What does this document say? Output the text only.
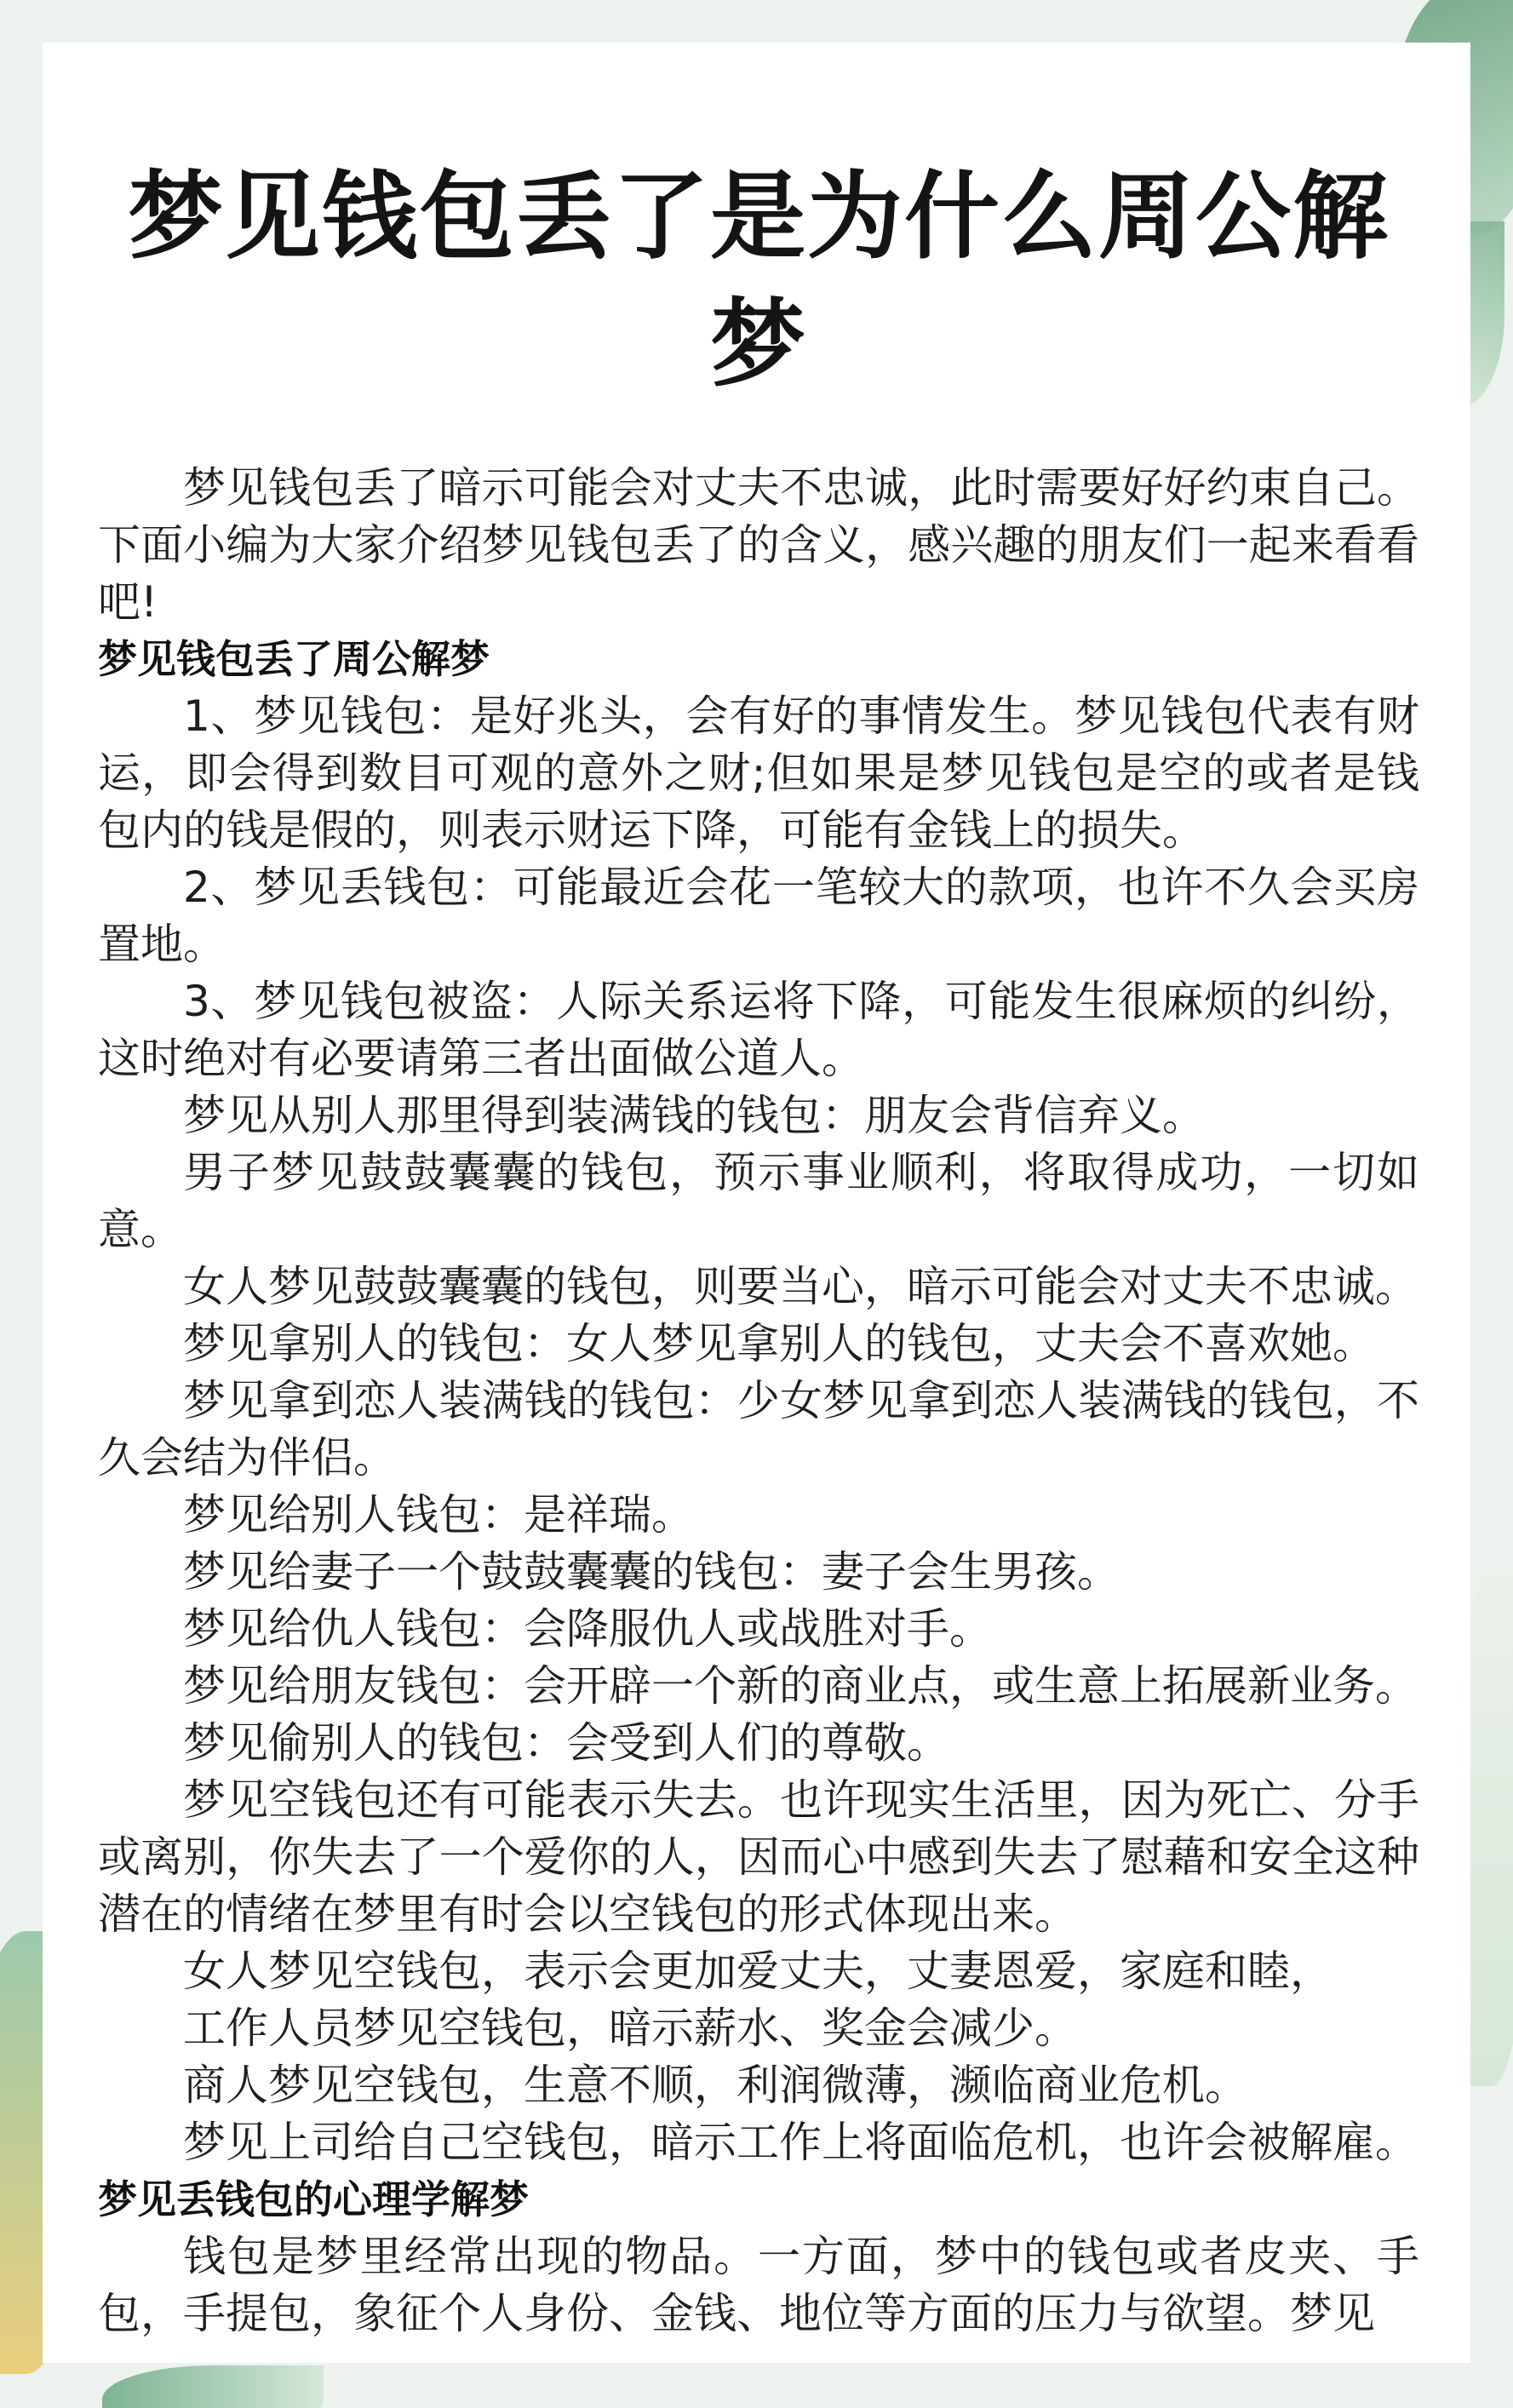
梦见钱包丢了是为什么周公解梦

梦见钱包丢了暗示可能会对丈夫不忠诚，此时需要好好约束自己。下面小编为大家介绍梦见钱包丢了的含义，感兴趣的朋友们一起来看看吧!

梦见钱包丢了周公解梦

1、梦见钱包：是好兆头，会有好的事情发生。梦见钱包代表有财运，即会得到数目可观的意外之财;但如果是梦见钱包是空的或者是钱包内的钱是假的，则表示财运下降，可能有金钱上的损失。

2、梦见丢钱包：可能最近会花一笔较大的款项，也许不久会买房置地。

3、梦见钱包被盗：人际关系运将下降，可能发生很麻烦的纠纷，这时绝对有必要请第三者出面做公道人。

梦见从别人那里得到装满钱的钱包：朋友会背信弃义。

男子梦见鼓鼓囊囊的钱包，预示事业顺利，将取得成功，一切如意。

女人梦见鼓鼓囊囊的钱包，则要当心，暗示可能会对丈夫不忠诚。

梦见拿别人的钱包：女人梦见拿别人的钱包，丈夫会不喜欢她。

梦见拿到恋人装满钱的钱包：少女梦见拿到恋人装满钱的钱包，不久会结为伴侣。

梦见给别人钱包：是祥瑞。

梦见给妻子一个鼓鼓囊囊的钱包：妻子会生男孩。

梦见给仇人钱包：会降服仇人或战胜对手。

梦见给朋友钱包：会开辟一个新的商业点，或生意上拓展新业务。

梦见偷别人的钱包：会受到人们的尊敬。

梦见空钱包还有可能表示失去。也许现实生活里，因为死亡、分手或离别，你失去了一个爱你的人，因而心中感到失去了慰藉和安全这种潜在的情绪在梦里有时会以空钱包的形式体现出来。

女人梦见空钱包，表示会更加爱丈夫，丈妻恩爱，家庭和睦，

工作人员梦见空钱包，暗示薪水、奖金会减少。

商人梦见空钱包，生意不顺，利润微薄，濒临商业危机。

梦见上司给自己空钱包，暗示工作上将面临危机，也许会被解雇。

梦见丢钱包的心理学解梦

钱包是梦里经常出现的物品。一方面，梦中的钱包或者皮夹、手包，手提包，象征个人身份、金钱、地位等方面的压力与欲望。梦见
